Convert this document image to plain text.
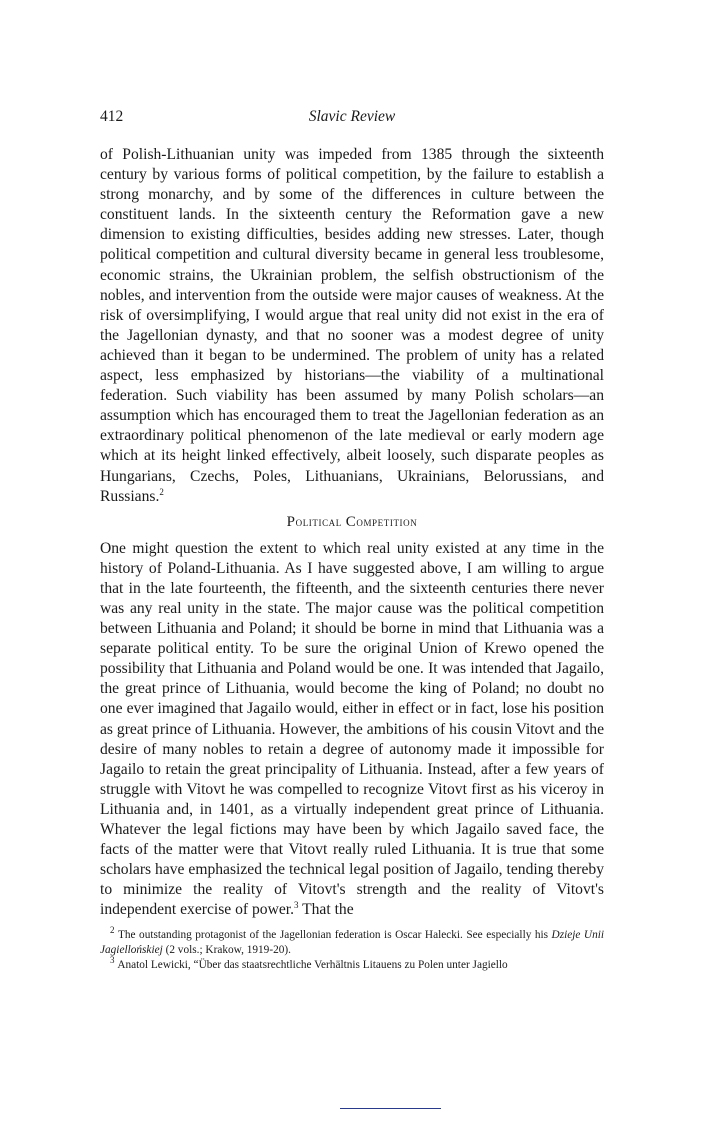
412	Slavic Review

of Polish-Lithuanian unity was impeded from 1385 through the sixteenth century by various forms of political competition, by the failure to establish a strong monarchy, and by some of the differences in culture between the constituent lands. In the sixteenth century the Reformation gave a new dimension to existing difficulties, besides adding new stresses. Later, though political competition and cultural diversity became in general less troublesome, economic strains, the Ukrainian problem, the selfish obstructionism of the nobles, and intervention from the outside were major causes of weakness. At the risk of oversimplifying, I would argue that real unity did not exist in the era of the Jagellonian dynasty, and that no sooner was a modest degree of unity achieved than it began to be undermined. The problem of unity has a related aspect, less emphasized by historians—the viability of a multinational federation. Such viability has been assumed by many Polish scholars—an assumption which has encouraged them to treat the Jagellonian federation as an extraordinary political phenomenon of the late medieval or early modern age which at its height linked effectively, albeit loosely, such disparate peoples as Hungarians, Czechs, Poles, Lithuanians, Ukrainians, Belorussians, and Russians.$^2$

Political Competition

One might question the extent to which real unity existed at any time in the history of Poland-Lithuania. As I have suggested above, I am willing to argue that in the late fourteenth, the fifteenth, and the sixteenth centuries there never was any real unity in the state. The major cause was the political competition between Lithuania and Poland; it should be borne in mind that Lithuania was a separate political entity. To be sure the original Union of Krewo opened the possibility that Lithuania and Poland would be one. It was intended that Jagailo, the great prince of Lithuania, would become the king of Poland; no doubt no one ever imagined that Jagailo would, either in effect or in fact, lose his position as great prince of Lithuania. However, the ambitions of his cousin Vitovt and the desire of many nobles to retain a degree of autonomy made it impossible for Jagailo to retain the great principality of Lithuania. Instead, after a few years of struggle with Vitovt he was compelled to recognize Vitovt first as his viceroy in Lithuania and, in 1401, as a virtually independent great prince of Lithuania. Whatever the legal fictions may have been by which Jagailo saved face, the facts of the matter were that Vitovt really ruled Lithuania. It is true that some scholars have emphasized the technical legal position of Jagailo, tending thereby to minimize the reality of Vitovt's strength and the reality of Vitovt's independent exercise of power.$^3$ That the

$^2$ The outstanding protagonist of the Jagellonian federation is Oscar Halecki. See especially his Dzieje Unii Jagiellońskiej (2 vols.; Krakow, 1919-20).

$^3$ Anatol Lewicki, “Über das staatsrechtliche Verhältnis Litauens zu Polen unter Jagiello
